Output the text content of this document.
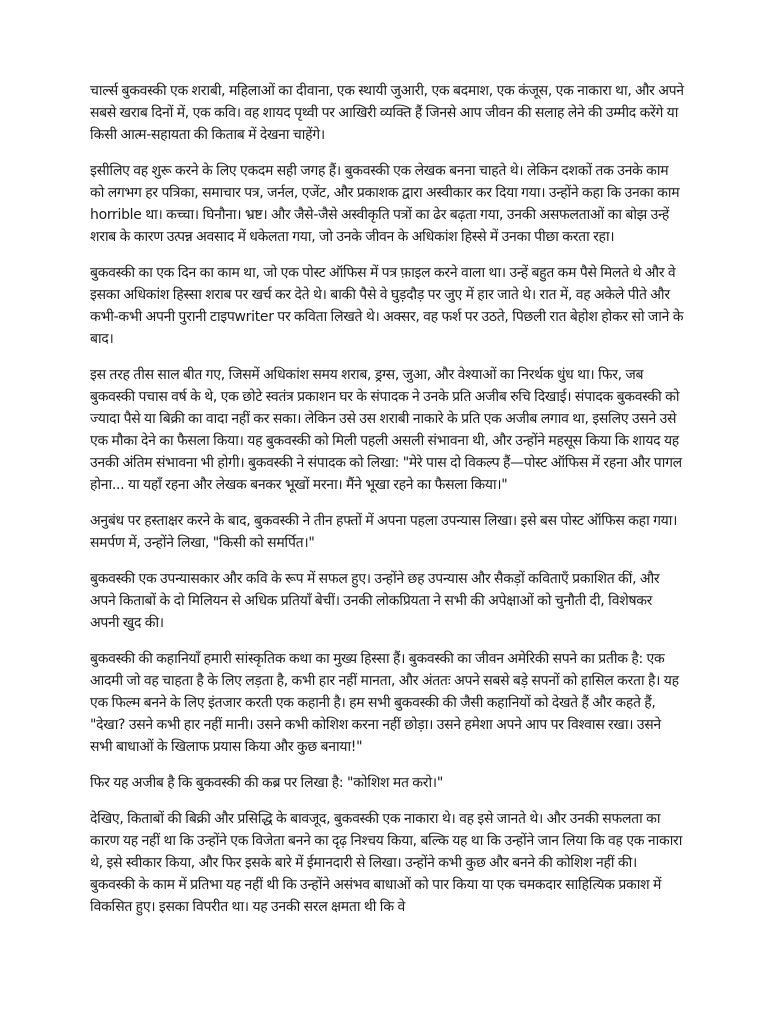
चार्ल्स बुकवस्की एक शराबी, महिलाओं का दीवाना, एक स्थायी जुआरी, एक बदमाश, एक कंजूस, एक नाकारा था, और अपने सबसे खराब दिनों में, एक कवि। वह शायद पृथ्वी पर आखिरी व्यक्ति हैं जिनसे आप जीवन की सलाह लेने की उम्मीद करेंगे या किसी आत्म-सहायता की किताब में देखना चाहेंगे।

इसीलिए वह शुरू करने के लिए एकदम सही जगह हैं। बुकवस्की एक लेखक बनना चाहते थे। लेकिन दशकों तक उनके काम को लगभग हर पत्रिका, समाचार पत्र, जर्नल, एजेंट, और प्रकाशक द्वारा अस्वीकार कर दिया गया। उन्होंने कहा कि उनका काम horrible था। कच्चा। घिनौना। भ्रष्ट। और जैसे-जैसे अस्वीकृति पत्रों का ढेर बढ़ता गया, उनकी असफलताओं का बोझ उन्हें शराब के कारण उत्पन्न अवसाद में धकेलता गया, जो उनके जीवन के अधिकांश हिस्से में उनका पीछा करता रहा।

बुकवस्की का एक दिन का काम था, जो एक पोस्ट ऑफिस में पत्र फ़ाइल करने वाला था। उन्हें बहुत कम पैसे मिलते थे और वे इसका अधिकांश हिस्सा शराब पर खर्च कर देते थे। बाकी पैसे वे घुड़दौड़ पर जुए में हार जाते थे। रात में, वह अकेले पीते और कभी-कभी अपनी पुरानी टाइपwriter पर कविता लिखते थे। अक्सर, वह फर्श पर उठते, पिछली रात बेहोश होकर सो जाने के बाद।

इस तरह तीस साल बीत गए, जिसमें अधिकांश समय शराब, ड्रग्स, जुआ, और वेश्याओं का निरर्थक धुंध था। फिर, जब बुकवस्की पचास वर्ष के थे, एक छोटे स्वतंत्र प्रकाशन घर के संपादक ने उनके प्रति अजीब रुचि दिखाई। संपादक बुकवस्की को ज्यादा पैसे या बिक्री का वादा नहीं कर सका। लेकिन उसे उस शराबी नाकारे के प्रति एक अजीब लगाव था, इसलिए उसने उसे एक मौका देने का फैसला किया। यह बुकवस्की को मिली पहली असली संभावना थी, और उन्होंने महसूस किया कि शायद यह उनकी अंतिम संभावना भी होगी। बुकवस्की ने संपादक को लिखा: "मेरे पास दो विकल्प हैं—पोस्ट ऑफिस में रहना और पागल होना... या यहाँ रहना और लेखक बनकर भूखों मरना। मैंने भूखा रहने का फैसला किया।"

अनुबंध पर हस्ताक्षर करने के बाद, बुकवस्की ने तीन हफ्तों में अपना पहला उपन्यास लिखा। इसे बस पोस्ट ऑफिस कहा गया। समर्पण में, उन्होंने लिखा, "किसी को समर्पित।"

बुकवस्की एक उपन्यासकार और कवि के रूप में सफल हुए। उन्होंने छह उपन्यास और सैकड़ों कविताएँ प्रकाशित कीं, और अपने किताबों के दो मिलियन से अधिक प्रतियाँ बेचीं। उनकी लोकप्रियता ने सभी की अपेक्षाओं को चुनौती दी, विशेषकर अपनी खुद की।

बुकवस्की की कहानियाँ हमारी सांस्कृतिक कथा का मुख्य हिस्सा हैं। बुकवस्की का जीवन अमेरिकी सपने का प्रतीक है: एक आदमी जो वह चाहता है के लिए लड़ता है, कभी हार नहीं मानता, और अंततः अपने सबसे बड़े सपनों को हासिल करता है। यह एक फिल्म बनने के लिए इंतजार करती एक कहानी है। हम सभी बुकवस्की की जैसी कहानियों को देखते हैं और कहते हैं, "देखा? उसने कभी हार नहीं मानी। उसने कभी कोशिश करना नहीं छोड़ा। उसने हमेशा अपने आप पर विश्वास रखा। उसने सभी बाधाओं के खिलाफ प्रयास किया और कुछ बनाया!"

फिर यह अजीब है कि बुकवस्की की कब्र पर लिखा है: "कोशिश मत करो।"

देखिए, किताबों की बिक्री और प्रसिद्धि के बावजूद, बुकवस्की एक नाकारा थे। वह इसे जानते थे। और उनकी सफलता का कारण यह नहीं था कि उन्होंने एक विजेता बनने का दृढ़ निश्चय किया, बल्कि यह था कि उन्होंने जान लिया कि वह एक नाकारा थे, इसे स्वीकार किया, और फिर इसके बारे में ईमानदारी से लिखा। उन्होंने कभी कुछ और बनने की कोशिश नहीं की। बुकवस्की के काम में प्रतिभा यह नहीं थी कि उन्होंने असंभव बाधाओं को पार किया या एक चमकदार साहित्यिक प्रकाश में विकसित हुए। इसका विपरीत था। यह उनकी सरल क्षमता थी कि वे
